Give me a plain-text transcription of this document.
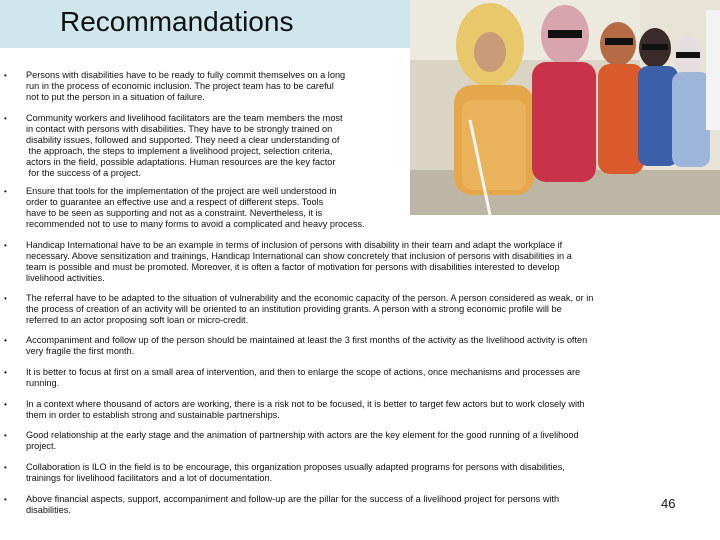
Recommandations
• Persons with disabilities have to be ready to fully commit themselves on a long
run in the process of economic inclusion. The project team has to be careful
not to put the person in a situation of failure.
• Community workers and livelihood facilitators are the team members the most
in contact with persons with disabilities. They have to be strongly trained on
disability issues, followed and supported. They need a clear understanding of
the approach, the steps to implement a livelihood project, selection criteria,
actors in the field, possible adaptations. Human resources are the key factor
for the success of a project.
• Ensure that tools for the implementation of the project are well understood in
order to guarantee an effective use and a respect of different steps. Tools
have to be seen as supporting and not as a constraint. Nevertheless, it is
recommended not to use to many forms to avoid a complicated and heavy process.
• Handicap International have to be an example in terms of inclusion of persons with disability in their team and adapt the workplace if
necessary. Above sensitization and trainings, Handicap International can show concretely that inclusion of persons with disabilities in a
team is possible and must be promoted. Moreover, it is often a factor of motivation for persons with disabilities interested to develop
livelihood activities.
• The referral have to be adapted to the situation of vulnerability and the economic capacity of the person. A person considered as weak, or in
the process of creation of an activity will be oriented to an institution providing grants. A person with a strong economic profile will be
referred to an actor proposing soft loan or micro-credit.
• Accompaniment and follow up of the person should be maintained at least the 3 first months of the activity as the livelihood activity is often
very fragile the first month.
• It is better to focus at first on a small area of intervention, and then to enlarge the scope of actions, once mechanisms and processes are
running.
• In a context where thousand of actors are working, there is a risk not to be focused, it is better to target few actors but to work closely with
them in order to establish strong and sustainable partnerships.
• Good relationship at the early stage and the animation of partnership with actors are the key element for the good running of a livelihood
project.
• Collaboration is ILO in the field is to be encourage, this organization proposes usually adapted programs for persons with disabilities,
trainings for livelihood facilitators and a lot of documentation.
• Above financial aspects, support, accompaniment and follow-up are the pillar for the success of a livelihood project for persons with
disabilities.	46
